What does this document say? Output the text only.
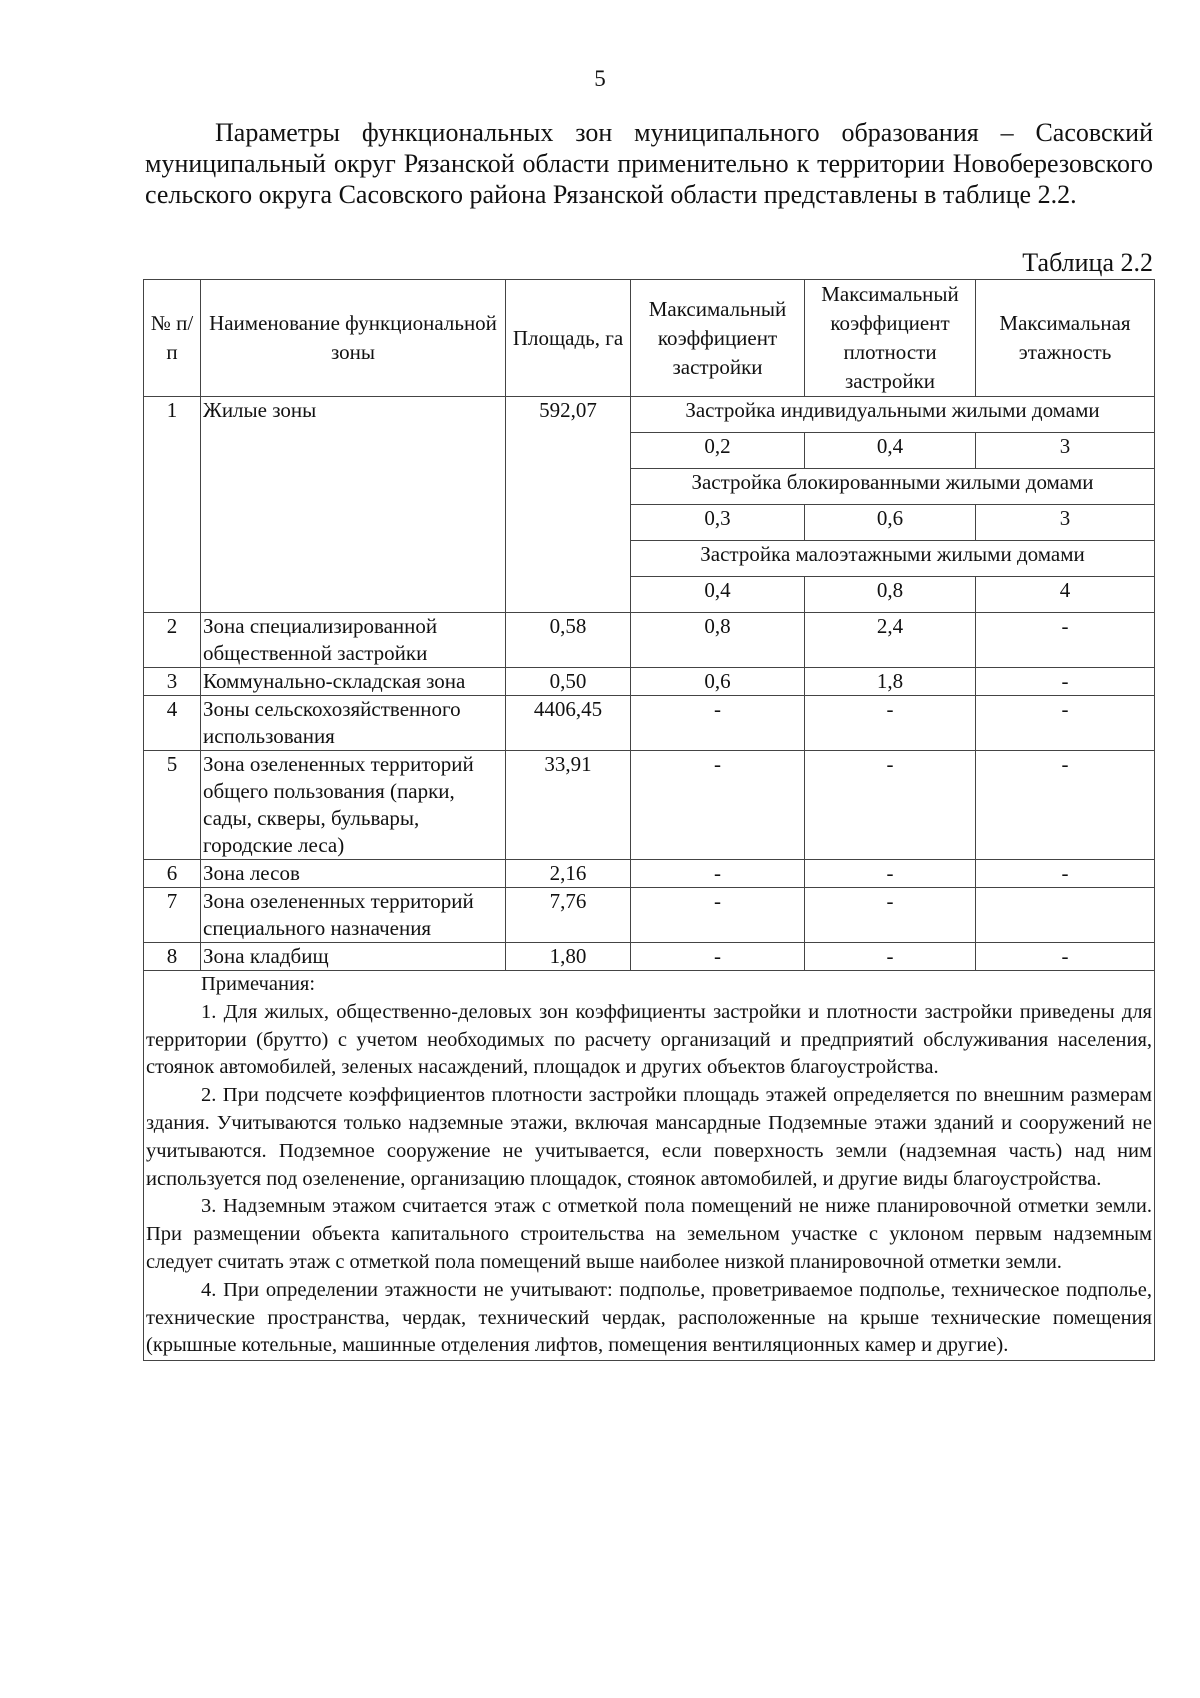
5

Параметры функциональных зон муниципального образования – Сасовский муниципальный округ Рязанской области применительно к территории Новоберезовского сельского округа Сасовского района Рязанской области представлены в таблице 2.2.

Таблица 2.2
№ п/п	Наименование функциональной зоны	Площадь, га	Максимальный коэффициент застройки	Максимальный коэффициент плотности застройки	Максимальная этажность
1	Жилые зоны	592,07	Застройка индивидуальными жилыми домами		
			0,2	0,4	3
			Застройка блокированными жилыми домами		
			0,3	0,6	3
			Застройка малоэтажными жилыми домами		
			0,4	0,8	4
2	Зона специализированной общественной застройки	0,58	0,8	2,4	-
3	Коммунально-складская зона	0,50	0,6	1,8	-
4	Зоны сельскохозяйственного использования	4406,45	-	-	-
5	Зона озелененных территорий общего пользования (парки, сады, скверы, бульвары, городские леса)	33,91	-	-	-
6	Зона лесов	2,16	-	-	-
7	Зона озелененных территорий специального назначения	7,76	-	-	
8	Зона кладбищ	1,80	-	-	-

Примечания:

1. Для жилых, общественно-деловых зон коэффициенты застройки и плотности застройки приведены для территории (брутто) с учетом необходимых по расчету организаций и предприятий обслуживания населения, стоянок автомобилей, зеленых насаждений, площадок и других объектов благоустройства.

2. При подсчете коэффициентов плотности застройки площадь этажей определяется по внешним размерам здания. Учитываются только надземные этажи, включая мансардные Подземные этажи зданий и сооружений не учитываются. Подземное сооружение не учитывается, если поверхность земли (надземная часть) над ним используется под озеленение, организацию площадок, стоянок автомобилей, и другие виды благоустройства.

3. Надземным этажом считается этаж с отметкой пола помещений не ниже планировочной отметки земли. При размещении объекта капитального строительства на земельном участке с уклоном первым надземным следует считать этаж с отметкой пола помещений выше наиболее низкой планировочной отметки земли.

4. При определении этажности не учитывают: подполье, проветриваемое подполье, техническое подполье, технические пространства, чердак, технический чердак, расположенные на крыше технические помещения (крышные котельные, машинные отделения лифтов, помещения вентиляционных камер и другие).					
